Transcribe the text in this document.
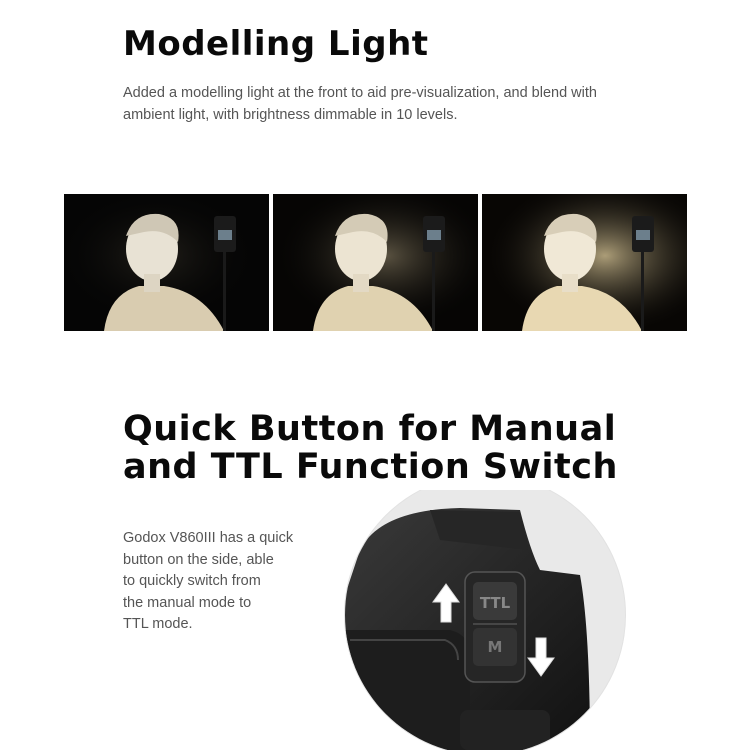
Modelling Light

Added a modelling light at the front to aid pre-visualization, and blend with ambient light, with brightness dimmable in 10 levels.

Quick Button for Manual
and TTL Function Switch

Godox V860III has a quick
button on the side, able
to quickly switch from
the manual mode to
TTL mode.

TTL
M
